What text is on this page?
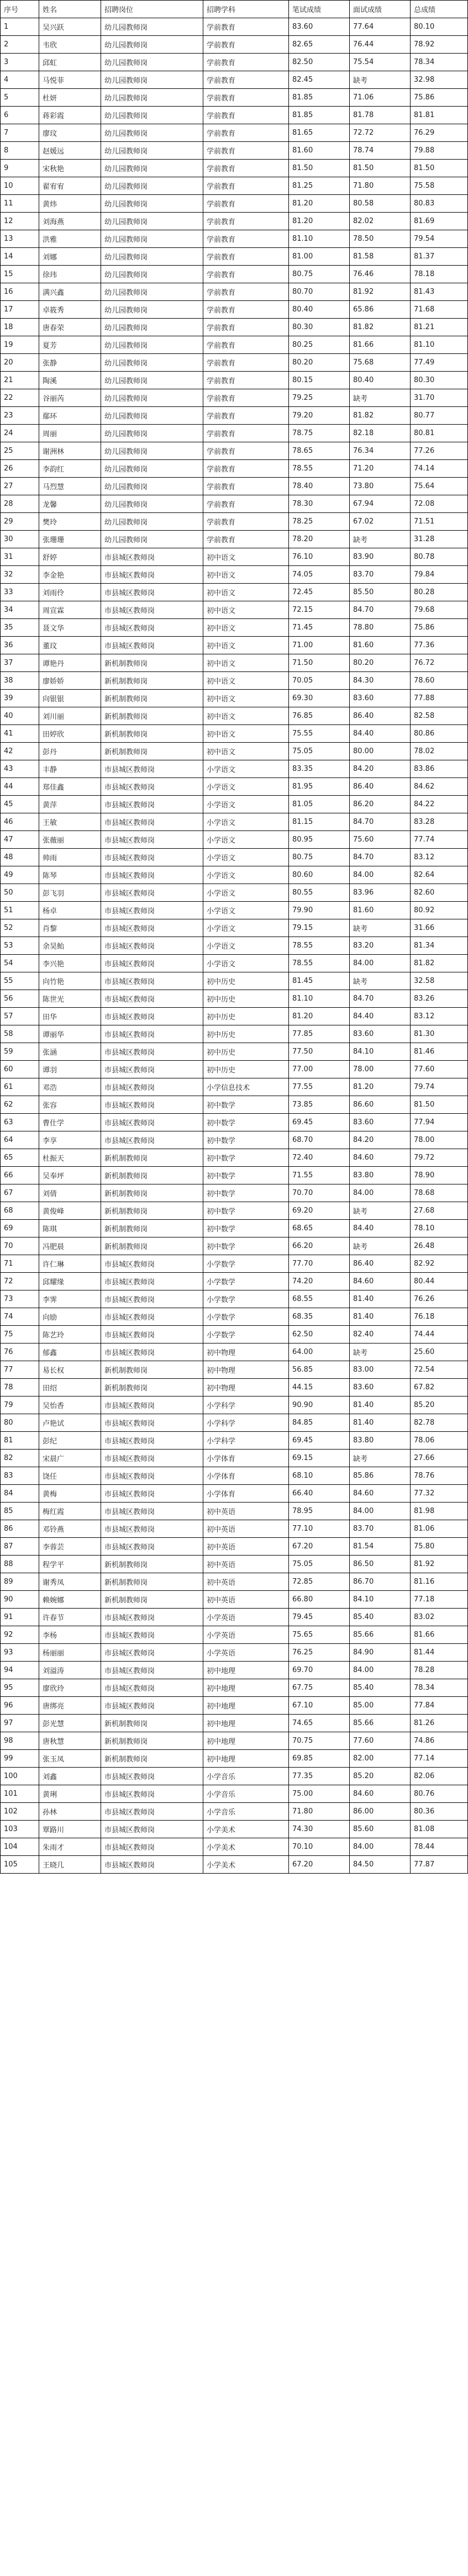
序号	姓名	招聘岗位	招聘学科	笔试成绩	面试成绩	总成绩
1	吴兴跃	幼儿园教师岗	学前教育	83.60	77.64	80.10
2	韦欣	幼儿园教师岗	学前教育	82.65	76.44	78.92
3	邱虹	幼儿园教师岗	学前教育	82.50	75.54	78.34
4	马悦菲	幼儿园教师岗	学前教育	82.45	缺考	32.98
5	杜妍	幼儿园教师岗	学前教育	81.85	71.06	75.86
6	蒋彩霞	幼儿园教师岗	学前教育	81.85	81.78	81.81
7	廖玟	幼儿园教师岗	学前教育	81.65	72.72	76.29
8	赵媛远	幼儿园教师岗	学前教育	81.60	78.74	79.88
9	宋秋艳	幼儿园教师岗	学前教育	81.50	81.50	81.50
10	翟宥宥	幼儿园教师岗	学前教育	81.25	71.80	75.58
11	黄炜	幼儿园教师岗	学前教育	81.20	80.58	80.83
12	刘海燕	幼儿园教师岗	学前教育	81.20	82.02	81.69
13	洪雅	幼儿园教师岗	学前教育	81.10	78.50	79.54
14	刘娜	幼儿园教师岗	学前教育	81.00	81.58	81.37
15	徐玮	幼儿园教师岗	学前教育	80.75	76.46	78.18
16	满兴鑫	幼儿园教师岗	学前教育	80.70	81.92	81.43
17	卓筱秀	幼儿园教师岗	学前教育	80.40	65.86	71.68
18	唐春荣	幼儿园教师岗	学前教育	80.30	81.82	81.21
19	夏芳	幼儿园教师岗	学前教育	80.25	81.66	81.10
20	张静	幼儿园教师岗	学前教育	80.20	75.68	77.49
21	陶溪	幼儿园教师岗	学前教育	80.15	80.40	80.30
22	谷丽芮	幼儿园教师岗	学前教育	79.25	缺考	31.70
23	鄢环	幼儿园教师岗	学前教育	79.20	81.82	80.77
24	周丽	幼儿园教师岗	学前教育	78.75	82.18	80.81
25	谢洲林	幼儿园教师岗	学前教育	78.65	76.34	77.26
26	李韵红	幼儿园教师岗	学前教育	78.55	71.20	74.14
27	马烈慧	幼儿园教师岗	学前教育	78.40	73.80	75.64
28	龙馨	幼儿园教师岗	学前教育	78.30	67.94	72.08
29	樊玲	幼儿园教师岗	学前教育	78.25	67.02	71.51
30	张珊珊	幼儿园教师岗	学前教育	78.20	缺考	31.28
31	舒婷	市县城区教师岗	初中语文	76.10	83.90	80.78
32	李金艳	市县城区教师岗	初中语文	74.05	83.70	79.84
33	刘雨伶	市县城区教师岗	初中语文	72.45	85.50	80.28
34	周宣霖	市县城区教师岗	初中语文	72.15	84.70	79.68
35	聂文华	市县城区教师岗	初中语文	71.45	78.80	75.86
36	董玟	市县城区教师岗	初中语文	71.00	81.60	77.36
37	谭艳丹	新机制教师岗	初中语文	71.50	80.20	76.72
38	廖娇娇	新机制教师岗	初中语文	70.05	84.30	78.60
39	向银银	新机制教师岗	初中语文	69.30	83.60	77.88
40	刘川丽	新机制教师岗	初中语文	76.85	86.40	82.58
41	田婷欣	新机制教师岗	初中语文	75.55	84.40	80.86
42	彭丹	新机制教师岗	初中语文	75.05	80.00	78.02
43	丰静	市县城区教师岗	小学语文	83.35	84.20	83.86
44	郑佳鑫	市县城区教师岗	小学语文	81.95	86.40	84.62
45	黄萍	市县城区教师岗	小学语文	81.05	86.20	84.22
46	王敏	市县城区教师岗	小学语文	81.15	84.70	83.28
47	张薇丽	市县城区教师岗	小学语文	80.95	75.60	77.74
48	帅雨	市县城区教师岗	小学语文	80.75	84.70	83.12
49	陈琴	市县城区教师岗	小学语文	80.60	84.00	82.64
50	彭飞羽	市县城区教师岗	小学语文	80.55	83.96	82.60
51	杨卓	市县城区教师岗	小学语文	79.90	81.60	80.92
52	肖黎	市县城区教师岗	小学语文	79.15	缺考	31.66
53	余昊鲐	市县城区教师岗	小学语文	78.55	83.20	81.34
54	李兴艳	市县城区教师岗	小学语文	78.55	84.00	81.82
55	向竹艳	市县城区教师岗	初中历史	81.45	缺考	32.58
56	陈世光	市县城区教师岗	初中历史	81.10	84.70	83.26
57	田华	市县城区教师岗	初中历史	81.20	84.40	83.12
58	谭丽华	市县城区教师岗	初中历史	77.85	83.60	81.30
59	张涵	市县城区教师岗	初中历史	77.50	84.10	81.46
60	谭羽	市县城区教师岗	初中历史	77.00	78.00	77.60
61	邓浩	市县城区教师岗	小学信息技术	77.55	81.20	79.74
62	张容	市县城区教师岗	初中数学	73.85	86.60	81.50
63	曹仕学	市县城区教师岗	初中数学	69.45	83.60	77.94
64	李享	市县城区教师岗	初中数学	68.70	84.20	78.00
65	杜振天	新机制教师岗	初中数学	72.40	84.60	79.72
66	吴奉坪	新机制教师岗	初中数学	71.55	83.80	78.90
67	刘倩	新机制教师岗	初中数学	70.70	84.00	78.68
68	黄俊峰	新机制教师岗	初中数学	69.20	缺考	27.68
69	陈琪	新机制教师岗	初中数学	68.65	84.40	78.10
70	冯肥晨	新机制教师岗	初中数学	66.20	缺考	26.48
71	许仁琳	市县城区教师岗	小学数学	77.70	86.40	82.92
72	邱耀缘	市县城区教师岗	小学数学	74.20	84.60	80.44
73	李霁	市县城区教师岗	小学数学	68.55	81.40	76.26
74	向励	市县城区教师岗	小学数学	68.35	81.40	76.18
75	陈艺玲	市县城区教师岗	小学数学	62.50	82.40	74.44
76	郁鑫	市县城区教师岗	初中物理	64.00	缺考	25.60
77	易长权	新机制教师岗	初中物理	56.85	83.00	72.54
78	田绍	新机制教师岗	初中物理	44.15	83.60	67.82
79	吴怡香	市县城区教师岗	小学科学	90.90	81.40	85.20
80	卢艳试	市县城区教师岗	小学科学	84.85	81.40	82.78
81	彭纪	市县城区教师岗	小学科学	69.45	83.80	78.06
82	宋晨广	市县城区教师岗	小学体育	69.15	缺考	27.66
83	饶任	市县城区教师岗	小学体育	68.10	85.86	78.76
84	黄梅	市县城区教师岗	小学体育	66.40	84.60	77.32
85	梅红霞	市县城区教师岗	初中英语	78.95	84.00	81.98
86	邓铃燕	市县城区教师岗	初中英语	77.10	83.70	81.06
87	李蓉芸	市县城区教师岗	初中英语	67.20	81.54	75.80
88	程学平	新机制教师岗	初中英语	75.05	86.50	81.92
89	谢秀凤	新机制教师岗	初中英语	72.85	86.70	81.16
90	赖婉娜	新机制教师岗	初中英语	66.80	84.10	77.18
91	许春节	市县城区教师岗	小学英语	79.45	85.40	83.02
92	李杨	市县城区教师岗	小学英语	75.65	85.66	81.66
93	杨丽丽	市县城区教师岗	小学英语	76.25	84.90	81.44
94	刘溢涛	市县城区教师岗	初中地理	69.70	84.00	78.28
95	廖欣玲	市县城区教师岗	初中地理	67.75	85.40	78.34
96	唐绑亮	市县城区教师岗	初中地理	67.10	85.00	77.84
97	彭光慧	新机制教师岗	初中地理	74.65	85.66	81.26
98	唐秋慧	新机制教师岗	初中地理	70.75	77.60	74.86
99	张玉凤	新机制教师岗	初中地理	69.85	82.00	77.14
100	刘鑫	市县城区教师岗	小学音乐	77.35	85.20	82.06
101	黄琍	市县城区教师岗	小学音乐	75.00	84.60	80.76
102	孙林	市县城区教师岗	小学音乐	71.80	86.00	80.36
103	覃路川	市县城区教师岗	小学美术	74.30	85.60	81.08
104	朱雨才	市县城区教师岗	小学美术	70.10	84.00	78.44
105	王晓几	市县城区教师岗	小学美术	67.20	84.50	77.87
